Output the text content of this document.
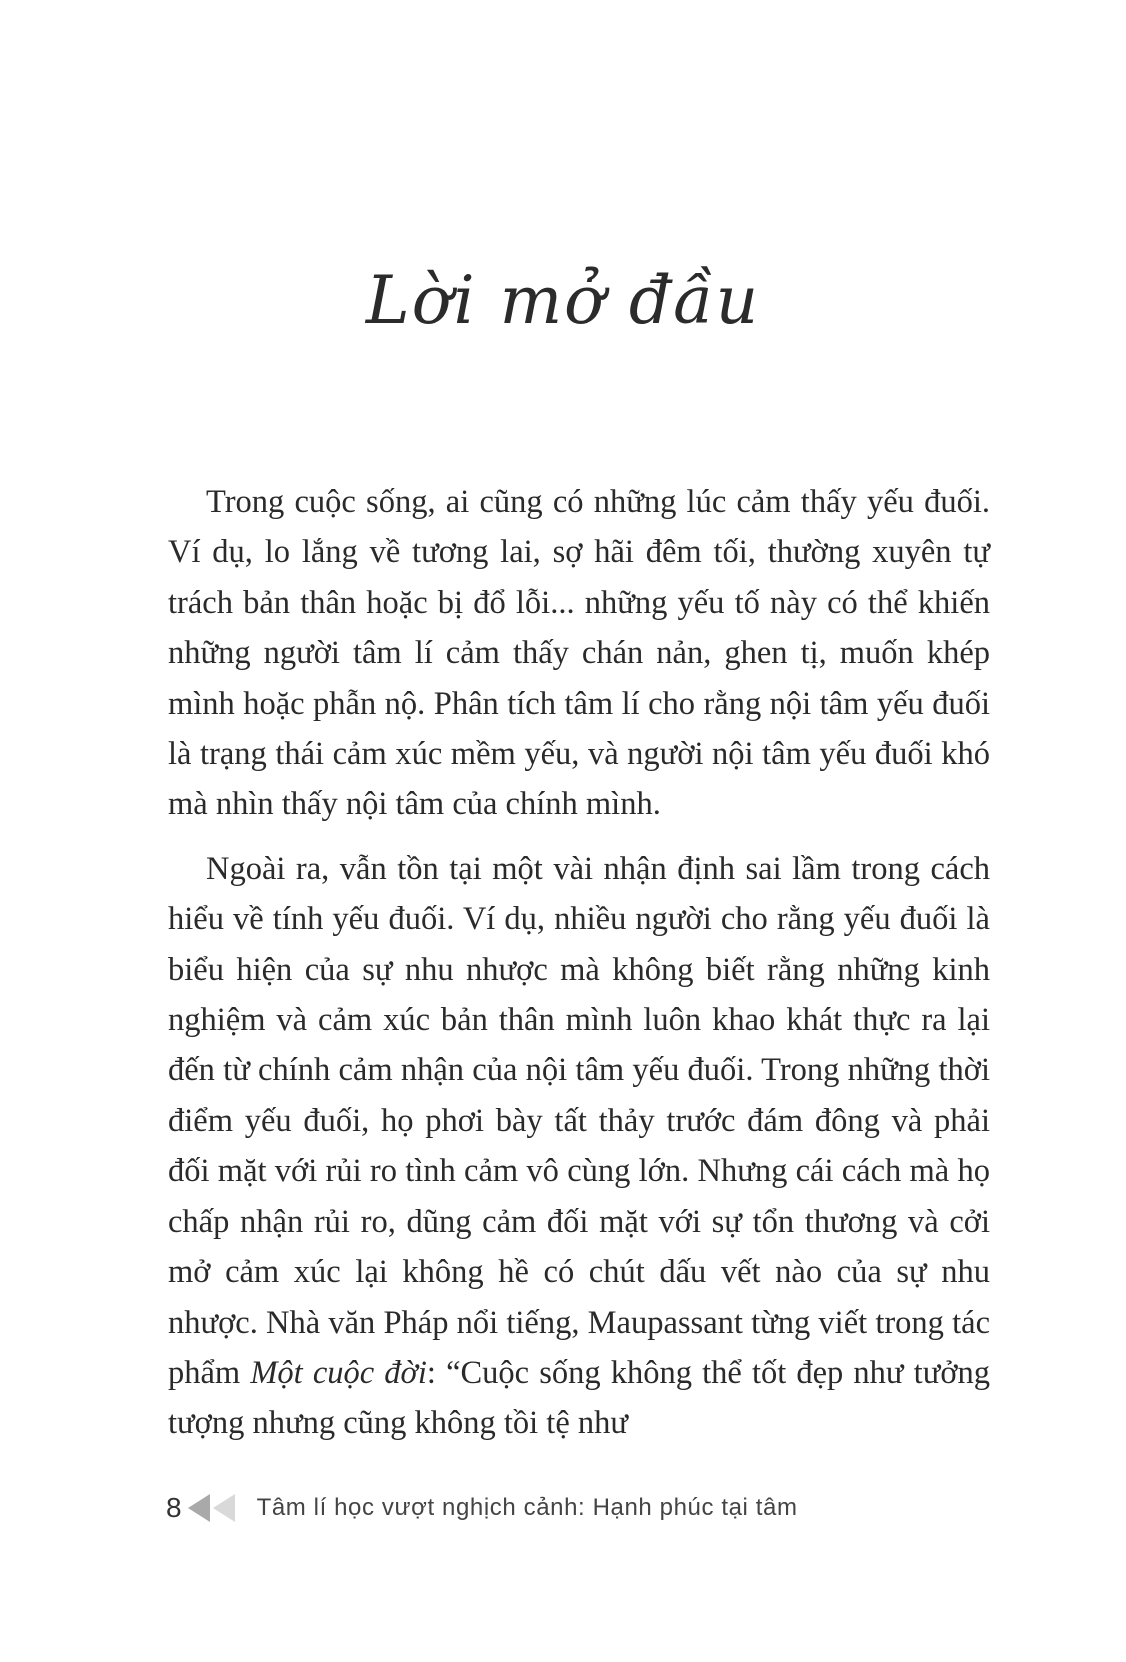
Lời mở đầu

Trong cuộc sống, ai cũng có những lúc cảm thấy yếu đuối. Ví dụ, lo lắng về tương lai, sợ hãi đêm tối, thường xuyên tự trách bản thân hoặc bị đổ lỗi... những yếu tố này có thể khiến những người tâm lí cảm thấy chán nản, ghen tị, muốn khép mình hoặc phẫn nộ. Phân tích tâm lí cho rằng nội tâm yếu đuối là trạng thái cảm xúc mềm yếu, và người nội tâm yếu đuối khó mà nhìn thấy nội tâm của chính mình.

Ngoài ra, vẫn tồn tại một vài nhận định sai lầm trong cách hiểu về tính yếu đuối. Ví dụ, nhiều người cho rằng yếu đuối là biểu hiện của sự nhu nhược mà không biết rằng những kinh nghiệm và cảm xúc bản thân mình luôn khao khát thực ra lại đến từ chính cảm nhận của nội tâm yếu đuối. Trong những thời điểm yếu đuối, họ phơi bày tất thảy trước đám đông và phải đối mặt với rủi ro tình cảm vô cùng lớn. Nhưng cái cách mà họ chấp nhận rủi ro, dũng cảm đối mặt với sự tổn thương và cởi mở cảm xúc lại không hề có chút dấu vết nào của sự nhu nhược. Nhà văn Pháp nổi tiếng, Maupassant từng viết trong tác phẩm Một cuộc đời: “Cuộc sống không thể tốt đẹp như tưởng tượng nhưng cũng không tồi tệ như

8	Tâm lí học vượt nghịch cảnh: Hạnh phúc tại tâm
